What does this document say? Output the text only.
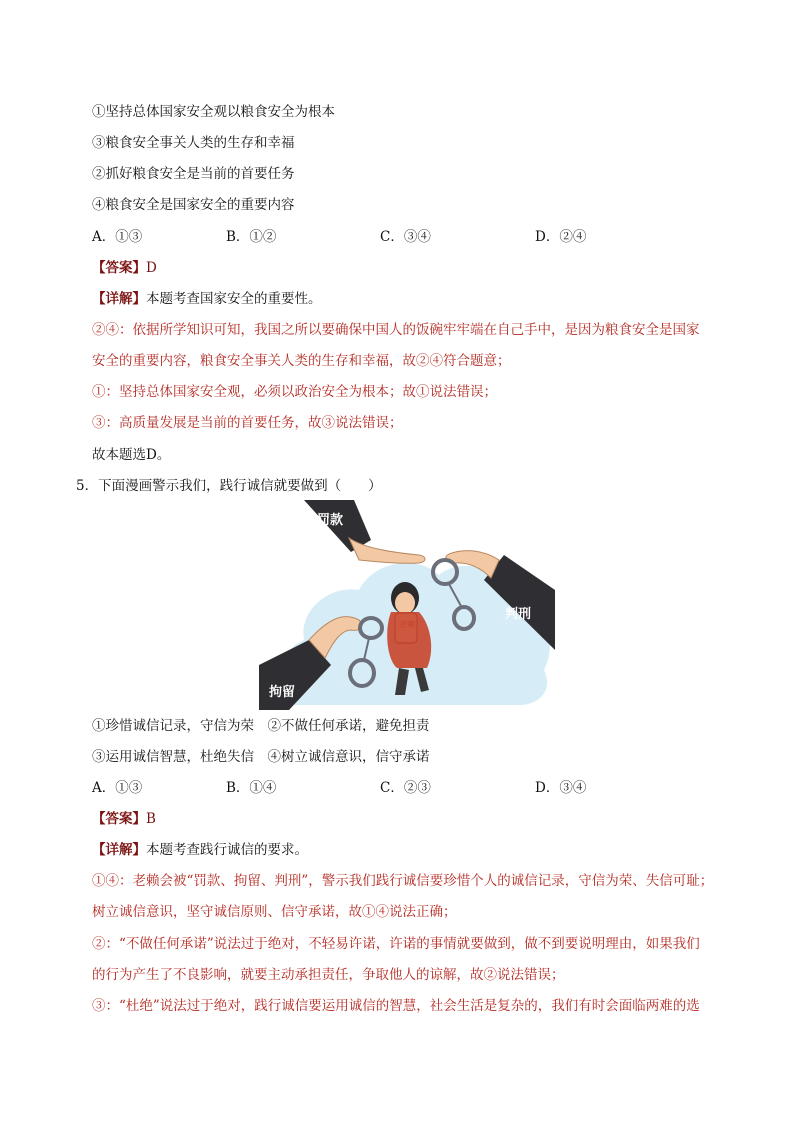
①坚持总体国家安全观以粮食安全为根本
③粮食安全事关人类的生存和幸福
②抓好粮食安全是当前的首要任务
④粮食安全是国家安全的重要内容
A．①③	B．①②	C．③④	D．②④
【答案】D
【详解】本题考查国家安全的重要性。
②④：依据所学知识可知，我国之所以要确保中国人的饭碗牢牢端在自己手中，是因为粮食安全是国家
安全的重要内容，粮食安全事关人类的生存和幸福，故②④符合题意；
①：坚持总体国家安全观，必须以政治安全为根本；故①说法错误；
③：高质量发展是当前的首要任务，故③说法错误；
故本题选D。
5．下面漫画警示我们，践行诚信就要做到（　　）
罚款
判刑
拘留
①珍惜诚信记录，守信为荣　②不做任何承诺，避免担责
③运用诚信智慧，杜绝失信　④树立诚信意识，信守承诺
A．①③	B．①④	C．②③	D．③④
【答案】B
【详解】本题考查践行诚信的要求。
①④：老赖会被“罚款、拘留、判刑”，警示我们践行诚信要珍惜个人的诚信记录，守信为荣、失信可耻；
树立诚信意识，坚守诚信原则、信守承诺，故①④说法正确；
②：“不做任何承诺”说法过于绝对，不轻易许诺，许诺的事情就要做到，做不到要说明理由，如果我们
的行为产生了不良影响，就要主动承担责任，争取他人的谅解，故②说法错误；
③：“杜绝”说法过于绝对，践行诚信要运用诚信的智慧，社会生活是复杂的，我们有时会面临两难的选
